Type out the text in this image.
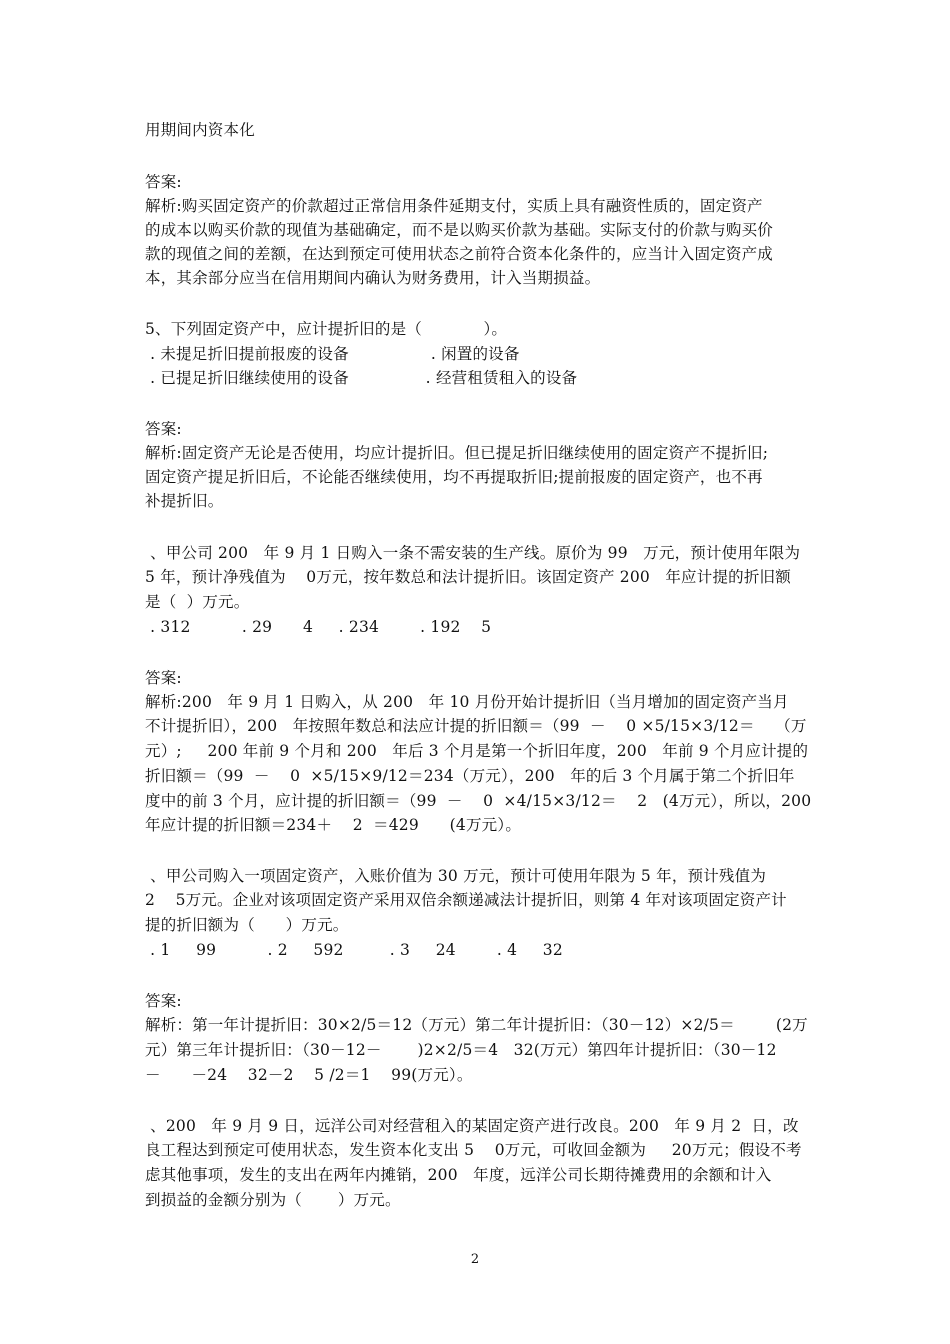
用期间内资本化
答案:
解析:购买固定资产的价款超过正常信用条件延期支付，实质上具有融资性质的，固定资产
的成本以购买价款的现值为基础确定，而不是以购买价款为基础。实际支付的价款与购买价
款的现值之间的差额，在达到预定可使用状态之前符合资本化条件的，应当计入固定资产成
本，其余部分应当在信用期间内确认为财务费用，计入当期损益。
5、下列固定资产中，应计提折旧的是（            ）。
. 未提足折旧提前报废的设备                . 闲置的设备
. 已提足折旧继续使用的设备               . 经营租赁租入的设备
答案:
解析:固定资产无论是否使用，均应计提折旧。但已提足折旧继续使用的固定资产不提折旧;
固定资产提足折旧后，不论能否继续使用，均不再提取折旧;提前报废的固定资产，也不再
补提折旧。
、甲公司 200   年 9 月 1 日购入一条不需安装的生产线。原价为 99   万元，预计使用年限为
5 年，预计净残值为    0万元，按年数总和法计提折旧。该固定资产 200   年应计提的折旧额
是（  ）万元。
. 312          . 29      4     . 234        . 192    5
答案:
解析:200   年 9 月 1 日购入，从 200   年 10 月份开始计提折旧（当月增加的固定资产当月
不计提折旧），200   年按照年数总和法应计提的折旧额＝（99  －    0 ×5/15×3/12＝    （万
元）;     200 年前 9 个月和 200   年后 3 个月是第一个折旧年度，200   年前 9 个月应计提的
折旧额＝（99  －    0  ×5/15×9/12＝234（万元），200   年的后 3 个月属于第二个折旧年
度中的前 3 个月，应计提的折旧额＝（99  －    0  ×4/15×3/12＝    2   (4万元），所以，200
年应计提的折旧额＝234＋    2  ＝429      (4万元）。
、甲公司购入一项固定资产，入账价值为 30 万元，预计可使用年限为 5 年，预计残值为
2    5万元。企业对该项固定资产采用双倍余额递减法计提折旧，则第 4 年对该项固定资产计
提的折旧额为（      ）万元。
. 1     99          . 2     592         . 3     24        . 4     32
答案:
解析：第一年计提折旧：30×2/5＝12（万元）第二年计提折旧：（30－12）×2/5＝        (2万
元）第三年计提折旧：（30－12－       )2×2/5＝4   32(万元）第四年计提折旧：（30－12
－      －24    32－2    5 /2＝1    99(万元）。
、200   年 9 月 9 日，远洋公司对经营租入的某固定资产进行改良。200   年 9 月 2  日，改
良工程达到预定可使用状态，发生资本化支出 5    0万元，可收回金额为     20万元；假设不考
虑其他事项，发生的支出在两年内摊销，200   年度，远洋公司长期待摊费用的余额和计入
到损益的金额分别为（       ）万元。
2
